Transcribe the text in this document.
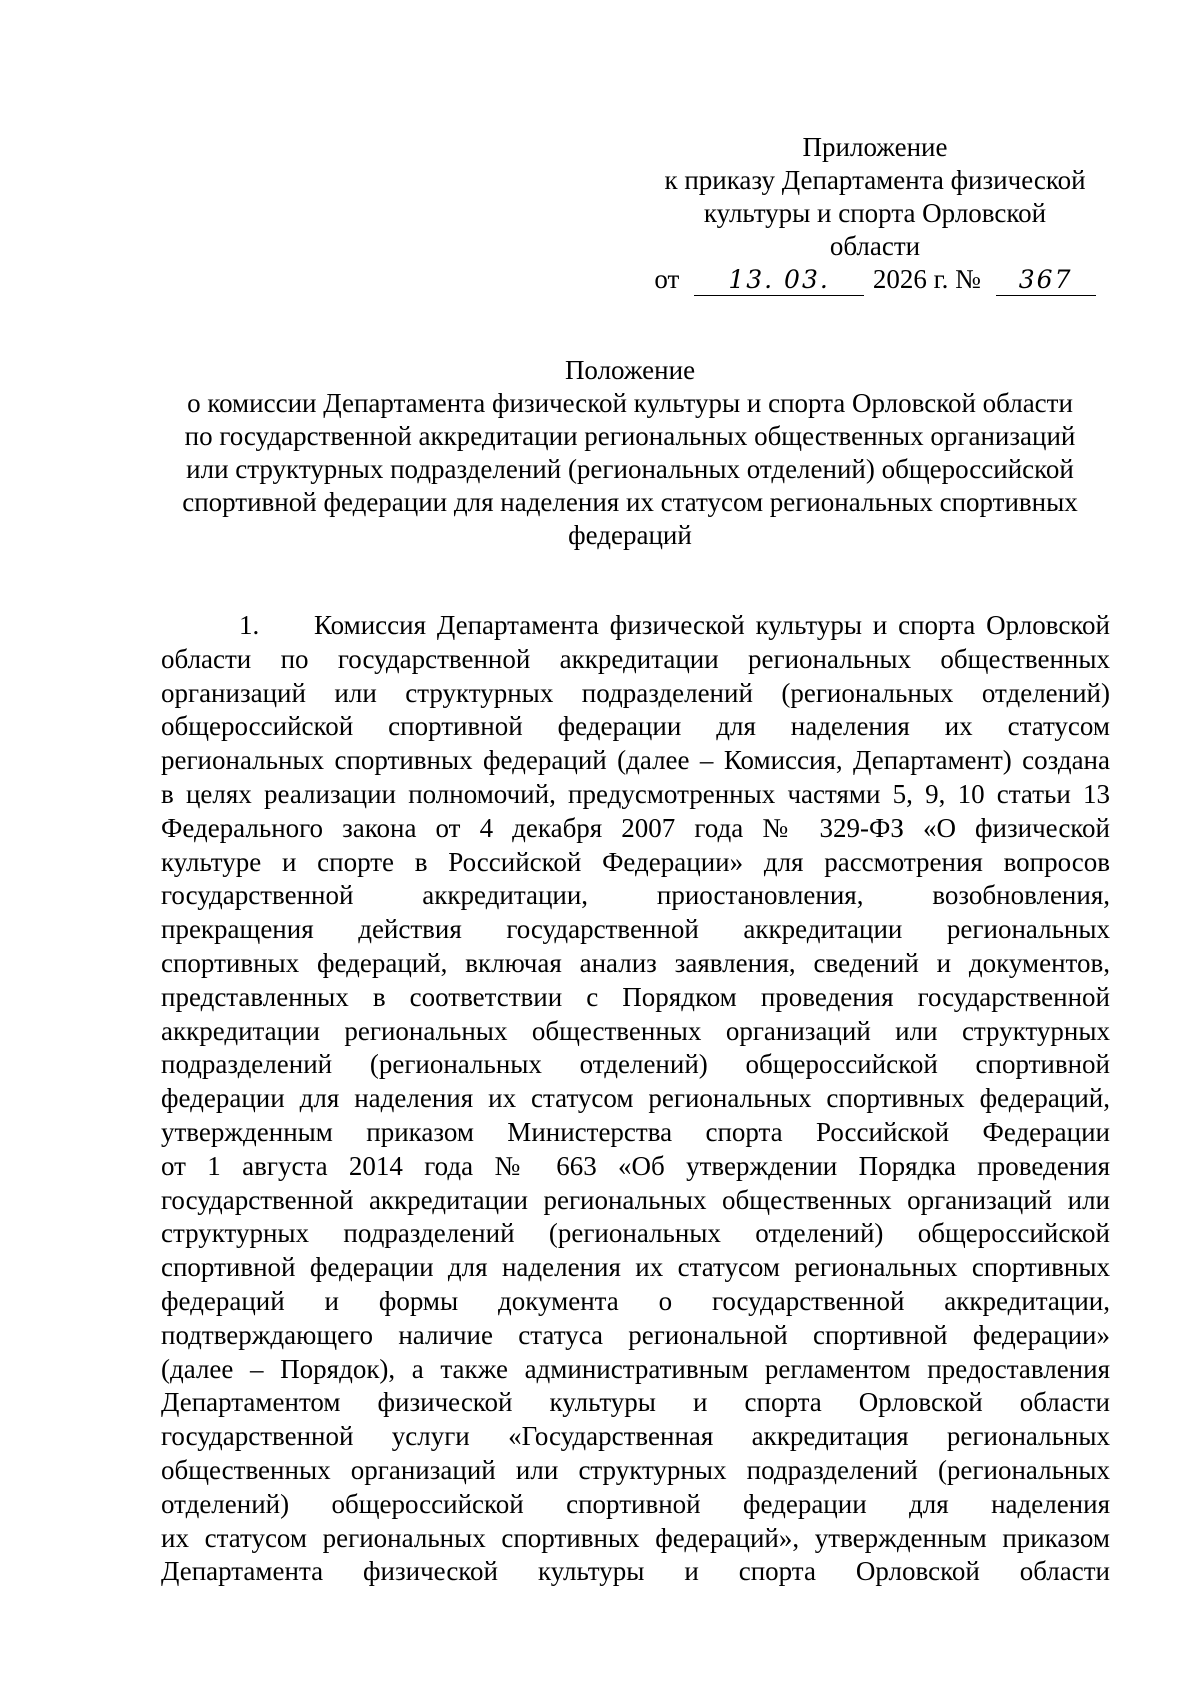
Приложение
к приказу Департамента физической
культуры и спорта Орловской
области
от 13. 03. 2026 г. № 367
Положение
о комиссии Департамента физической культуры и спорта Орловской области
по государственной аккредитации региональных общественных организаций
или структурных подразделений (региональных отделений) общероссийской
спортивной федерации для наделения их статусом региональных спортивных
федераций
1. Комиссия Департамента физической культуры и спорта Орловской
области по государственной аккредитации региональных общественных
организаций или структурных подразделений (региональных отделений)
общероссийской спортивной федерации для наделения их статусом
региональных спортивных федераций (далее – Комиссия, Департамент) создана
в целях реализации полномочий, предусмотренных частями 5, 9, 10 статьи 13
Федерального закона от 4 декабря 2007 года № 329-ФЗ «О физической
культуре и спорте в Российской Федерации» для рассмотрения вопросов
государственной аккредитации, приостановления, возобновления,
прекращения действия государственной аккредитации региональных
спортивных федераций, включая анализ заявления, сведений и документов,
представленных в соответствии с Порядком проведения государственной
аккредитации региональных общественных организаций или структурных
подразделений (региональных отделений) общероссийской спортивной
федерации для наделения их статусом региональных спортивных федераций,
утвержденным приказом Министерства спорта Российской Федерации
от 1 августа 2014 года № 663 «Об утверждении Порядка проведения
государственной аккредитации региональных общественных организаций или
структурных подразделений (региональных отделений) общероссийской
спортивной федерации для наделения их статусом региональных спортивных
федераций и формы документа о государственной аккредитации,
подтверждающего наличие статуса региональной спортивной федерации»
(далее – Порядок), а также административным регламентом предоставления
Департаментом физической культуры и спорта Орловской области
государственной услуги «Государственная аккредитация региональных
общественных организаций или структурных подразделений (региональных
отделений) общероссийской спортивной федерации для наделения
их статусом региональных спортивных федераций», утвержденным приказом
Департамента физической культуры и спорта Орловской области
